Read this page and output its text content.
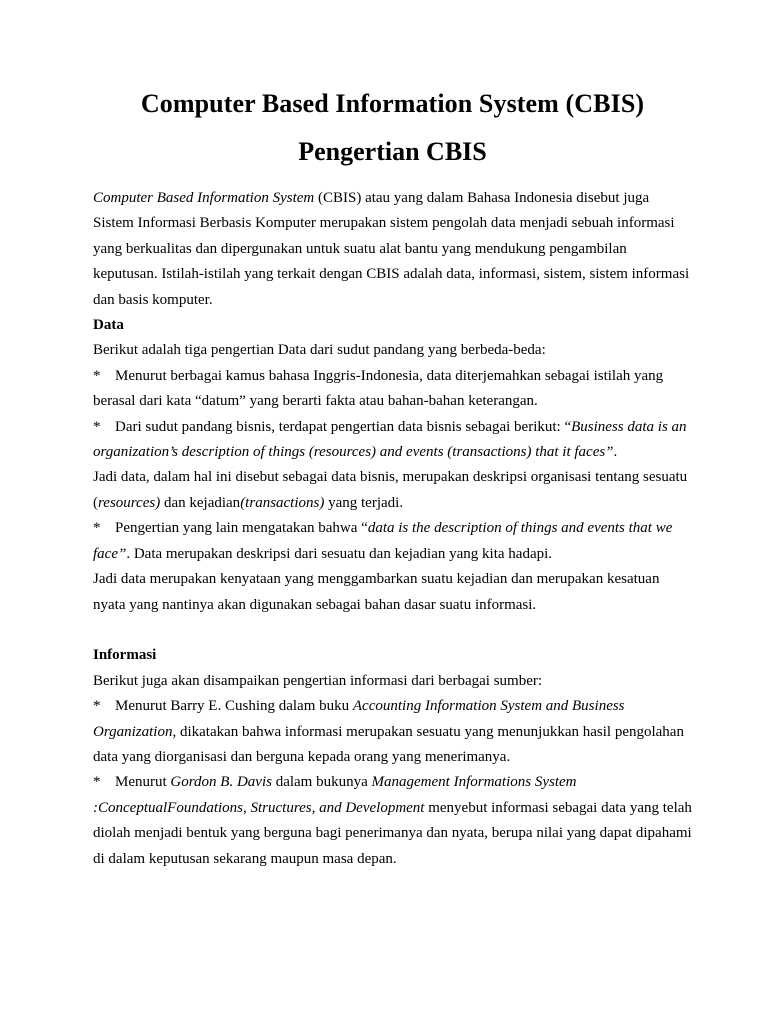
Computer Based Information System (CBIS)
Pengertian CBIS

Computer Based Information System (CBIS) atau yang dalam Bahasa Indonesia disebut juga Sistem Informasi Berbasis Komputer merupakan sistem pengolah data menjadi sebuah informasi yang berkualitas dan dipergunakan untuk suatu alat bantu yang mendukung pengambilan keputusan. Istilah-istilah yang terkait dengan CBIS adalah data, informasi, sistem, sistem informasi dan basis komputer.

Data

Berikut adalah tiga pengertian Data dari sudut pandang yang berbeda-beda:

* Menurut berbagai kamus bahasa Inggris-Indonesia, data diterjemahkan sebagai istilah yang berasal dari kata “datum” yang berarti fakta atau bahan-bahan keterangan.

* Dari sudut pandang bisnis, terdapat pengertian data bisnis sebagai berikut: “Business data is an organization’s description of things (resources) and events (transactions) that it faces”.

Jadi data, dalam hal ini disebut sebagai data bisnis, merupakan deskripsi organisasi tentang sesuatu (resources) dan kejadian(transactions) yang terjadi.

* Pengertian yang lain mengatakan bahwa “data is the description of things and events that we face”. Data merupakan deskripsi dari sesuatu dan kejadian yang kita hadapi.

Jadi data merupakan kenyataan yang menggambarkan suatu kejadian dan merupakan kesatuan nyata yang nantinya akan digunakan sebagai bahan dasar suatu informasi.

Informasi

Berikut juga akan disampaikan pengertian informasi dari berbagai sumber:

* Menurut Barry E. Cushing dalam buku Accounting Information System and Business Organization, dikatakan bahwa informasi merupakan sesuatu yang menunjukkan hasil pengolahan data yang diorganisasi dan berguna kepada orang yang menerimanya.

* Menurut Gordon B. Davis dalam bukunya Management Informations System :ConceptualFoundations, Structures, and Development menyebut informasi sebagai data yang telah diolah menjadi bentuk yang berguna bagi penerimanya dan nyata, berupa nilai yang dapat dipahami di dalam keputusan sekarang maupun masa depan.
